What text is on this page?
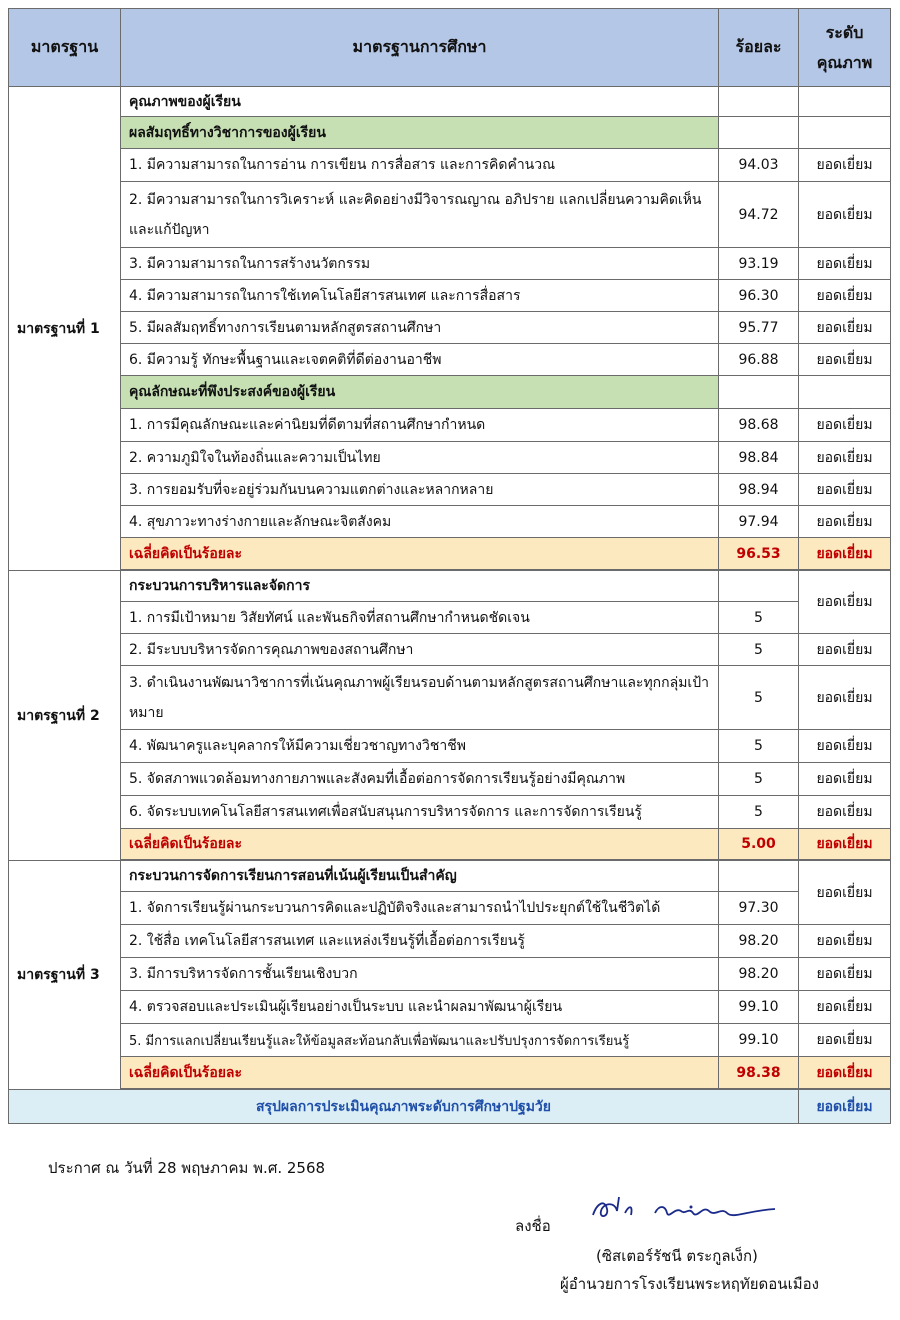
มาตรฐาน	มาตรฐานการศึกษา	ร้อยละ	ระดับ
คุณภาพ
มาตรฐานที่ 1	คุณภาพของผู้เรียน		
	ผลสัมฤทธิ์ทางวิชาการของผู้เรียน		
	1. มีความสามารถในการอ่าน การเขียน การสื่อสาร และการคิดคำนวณ	94.03	ยอดเยี่ยม
	2. มีความสามารถในการวิเคราะห์ และคิดอย่างมีวิจารณญาณ อภิปราย แลกเปลี่ยนความคิดเห็น และแก้ปัญหา	94.72	ยอดเยี่ยม
	3. มีความสามารถในการสร้างนวัตกรรม	93.19	ยอดเยี่ยม
	4. มีความสามารถในการใช้เทคโนโลยีสารสนเทศ และการสื่อสาร	96.30	ยอดเยี่ยม
	5. มีผลสัมฤทธิ์ทางการเรียนตามหลักสูตรสถานศึกษา	95.77	ยอดเยี่ยม
	6. มีความรู้ ทักษะพื้นฐานและเจตคติที่ดีต่องานอาชีพ	96.88	ยอดเยี่ยม
	คุณลักษณะที่พึงประสงค์ของผู้เรียน		
	1. การมีคุณลักษณะและค่านิยมที่ดีตามที่สถานศึกษากำหนด	98.68	ยอดเยี่ยม
	2. ความภูมิใจในท้องถิ่นและความเป็นไทย	98.84	ยอดเยี่ยม
	3. การยอมรับที่จะอยู่ร่วมกันบนความแตกต่างและหลากหลาย	98.94	ยอดเยี่ยม
	4. สุขภาวะทางร่างกายและลักษณะจิตสังคม	97.94	ยอดเยี่ยม
	เฉลี่ยคิดเป็นร้อยละ	96.53	ยอดเยี่ยม

มาตรฐานที่ 2	กระบวนการบริหารและจัดการ		ยอดเยี่ยม
	1. การมีเป้าหมาย วิสัยทัศน์ และพันธกิจที่สถานศึกษากำหนดชัดเจน	5	
	2. มีระบบบริหารจัดการคุณภาพของสถานศึกษา	5	ยอดเยี่ยม
	3. ดำเนินงานพัฒนาวิชาการที่เน้นคุณภาพผู้เรียนรอบด้านตามหลักสูตรสถานศึกษาและทุกกลุ่มเป้าหมาย	5	ยอดเยี่ยม
	4. พัฒนาครูและบุคลากรให้มีความเชี่ยวชาญทางวิชาชีพ	5	ยอดเยี่ยม
	5. จัดสภาพแวดล้อมทางกายภาพและสังคมที่เอื้อต่อการจัดการเรียนรู้อย่างมีคุณภาพ	5	ยอดเยี่ยม
	6. จัดระบบเทคโนโลยีสารสนเทศเพื่อสนับสนุนการบริหารจัดการ และการจัดการเรียนรู้	5	ยอดเยี่ยม
	เฉลี่ยคิดเป็นร้อยละ	5.00	ยอดเยี่ยม

มาตรฐานที่ 3	กระบวนการจัดการเรียนการสอนที่เน้นผู้เรียนเป็นสำคัญ		ยอดเยี่ยม
	1. จัดการเรียนรู้ผ่านกระบวนการคิดและปฏิบัติจริงและสามารถนำไปประยุกต์ใช้ในชีวิตได้	97.30	
	2. ใช้สื่อ เทคโนโลยีสารสนเทศ และแหล่งเรียนรู้ที่เอื้อต่อการเรียนรู้	98.20	ยอดเยี่ยม
	3. มีการบริหารจัดการชั้นเรียนเชิงบวก	98.20	ยอดเยี่ยม
	4. ตรวจสอบและประเมินผู้เรียนอย่างเป็นระบบ และนำผลมาพัฒนาผู้เรียน	99.10	ยอดเยี่ยม
	5. มีการแลกเปลี่ยนเรียนรู้และให้ข้อมูลสะท้อนกลับเพื่อพัฒนาและปรับปรุงการจัดการเรียนรู้	99.10	ยอดเยี่ยม
	เฉลี่ยคิดเป็นร้อยละ	98.38	ยอดเยี่ยม

สรุปผลการประเมินคุณภาพระดับการศึกษาปฐมวัย			ยอดเยี่ยม
ประกาศ ณ วันที่ 28 พฤษภาคม พ.ศ. 2568
ลงชื่อ
(ซิสเตอร์รัชนี ตระกูลเง็ก)
ผู้อำนวยการโรงเรียนพระหฤทัยดอนเมือง
